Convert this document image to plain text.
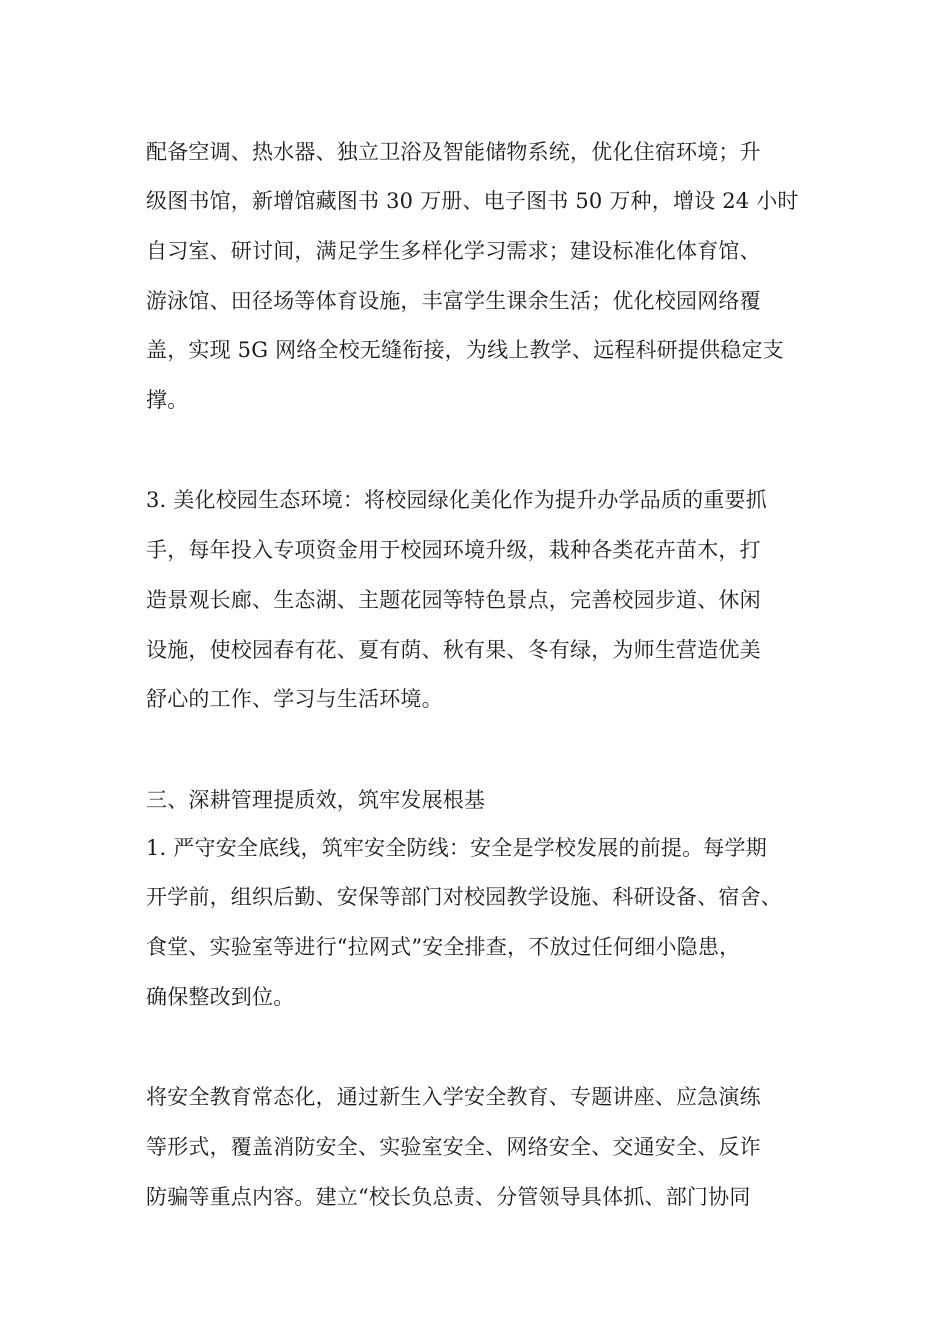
配备空调、热水器、独立卫浴及智能储物系统，优化住宿环境；升
级图书馆，新增馆藏图书 30 万册、电子图书 50 万种，增设 24 小时
自习室、研讨间，满足学生多样化学习需求；建设标准化体育馆、
游泳馆、田径场等体育设施，丰富学生课余生活；优化校园网络覆
盖，实现 5G 网络全校无缝衔接，为线上教学、远程科研提供稳定支
撑。
3. 美化校园生态环境：将校园绿化美化作为提升办学品质的重要抓
手，每年投入专项资金用于校园环境升级，栽种各类花卉苗木，打
造景观长廊、生态湖、主题花园等特色景点，完善校园步道、休闲
设施，使校园春有花、夏有荫、秋有果、冬有绿，为师生营造优美
舒心的工作、学习与生活环境。
三、深耕管理提质效，筑牢发展根基
1. 严守安全底线，筑牢安全防线：安全是学校发展的前提。每学期
开学前，组织后勤、安保等部门对校园教学设施、科研设备、宿舍、
食堂、实验室等进行“拉网式”安全排查，不放过任何细小隐患，
确保整改到位。
将安全教育常态化，通过新生入学安全教育、专题讲座、应急演练
等形式，覆盖消防安全、实验室安全、网络安全、交通安全、反诈
防骗等重点内容。建立“校长负总责、分管领导具体抓、部门协同
